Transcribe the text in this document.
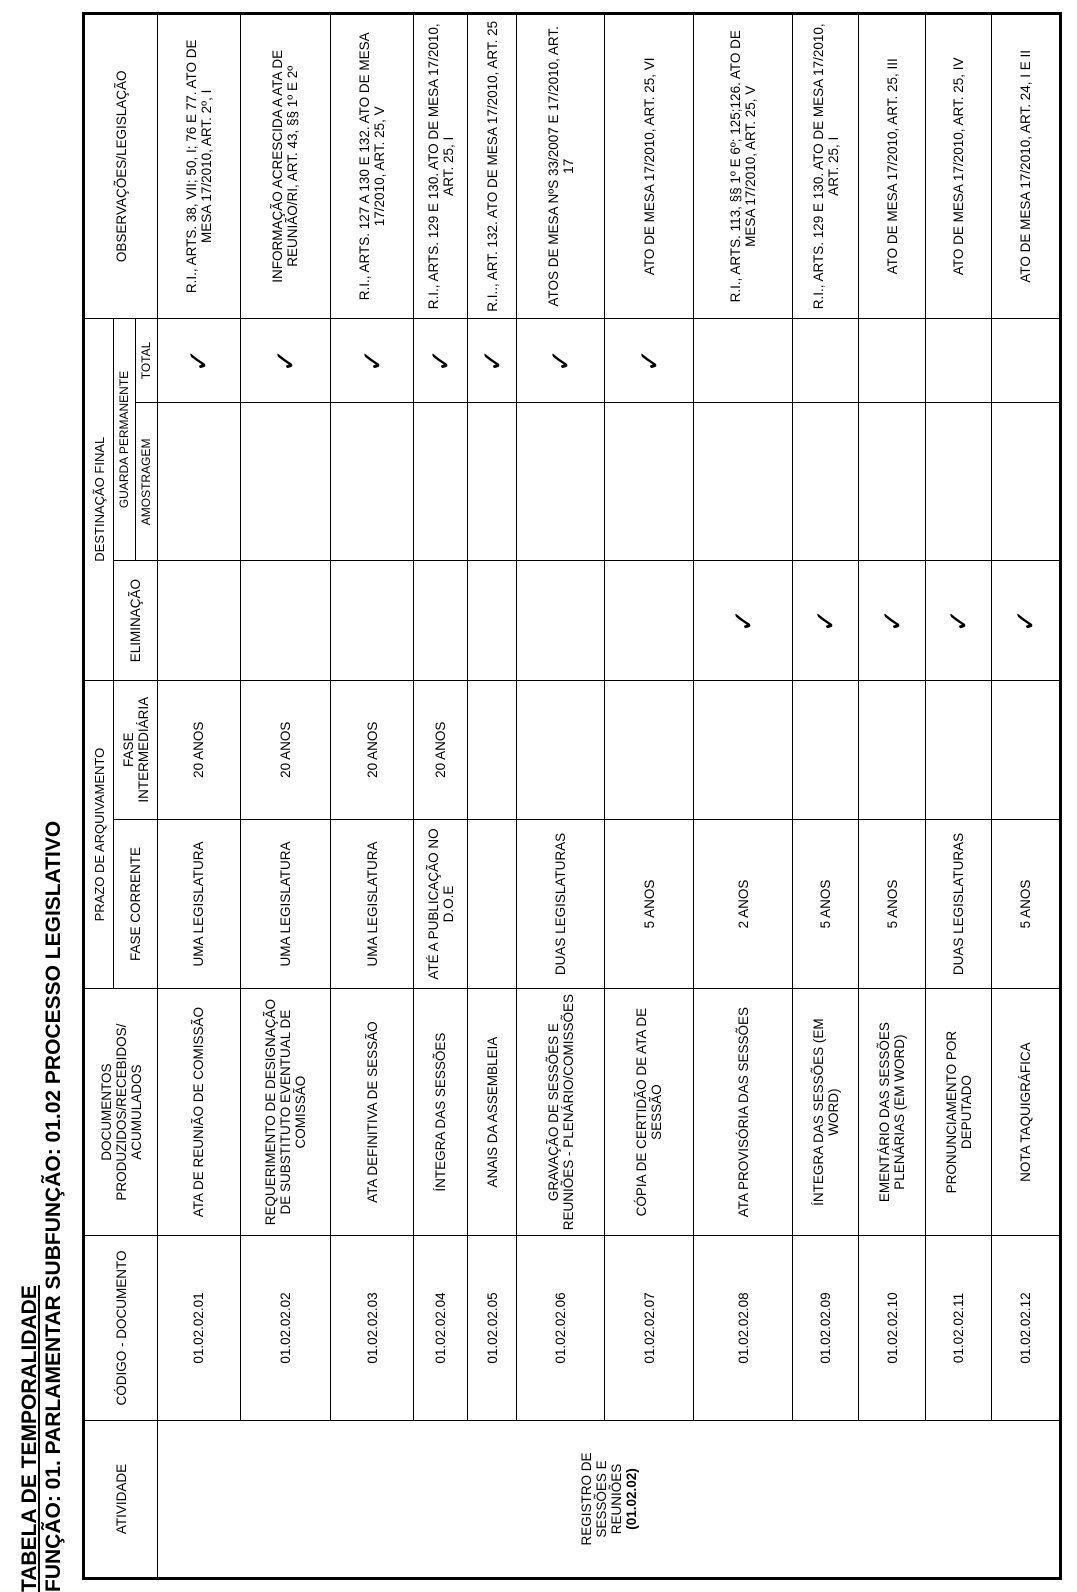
TABELA DE TEMPORALIDADE FUNÇÃO: 01. PARLAMENTAR SUBFUNÇÃO: 01.02 PROCESSO LEGISLATIVO	ATIVIDADE	CÓDIGO - DOCUMENTO	DOCUMENTOS PRODUZIDOS/RECEBIDOS/ ACUMULADOS	PRAZO DE ARQUIVAMENTO		DESTINAÇÃO FINAL			OBSERVAÇÕES/LEGISLAÇÃO
			FASE CORRENTE	FASE INTERMEDIÁRIA	ELIMINAÇÃO	GUARDA PERMANENTE		
						AMOSTRAGEM	TOTAL	

REGISTRO DE SESSÕES E REUNIÕES (01.02.02)	01.02.02.01	ATA DE REUNIÃO DE COMISSÃO	UMA LEGISLATURA	20 ANOS			✓	R.I., ARTS. 38, VII; 50, I; 76 E 77. ATO DE MESA 17/2010, ART. 2º, I
	01.02.02.02	REQUERIMENTO DE DESIGNAÇÃO DE SUBSTITUTO EVENTUAL DE COMISSÃO	UMA LEGISLATURA	20 ANOS			✓	INFORMAÇÃO ACRESCIDA A ATA DE REUNIÃO/RI, ART. 43, §§ 1º E 2º
	01.02.02.03	ATA DEFINITIVA DE SESSÃO	UMA LEGISLATURA	20 ANOS			✓	R.I., ARTS. 127 A 130 E 132. ATO DE MESA 17/2010, ART. 25, V
	01.02.02.04	ÍNTEGRA DAS SESSÕES	ATÉ A PUBLICAÇÃO NO D.O.E	20 ANOS			✓	R.I., ARTS. 129 E 130. ATO DE MESA 17/2010, ART. 25, I
	01.02.02.05	ANAIS DA ASSEMBLEIA					✓	R.I.., ART. 132. ATO DE MESA 17/2010, ART. 25
	01.02.02.06	GRAVAÇÃO DE SESSÕES E REUNIÕES - PLENÁRIO/COMISSÕES	DUAS LEGISLATURAS				✓	ATOS DE MESA NºS 33/2007 E 17/2010, ART. 17
	01.02.02.07	CÓPIA DE CERTIDÃO DE ATA DE SESSÃO	5 ANOS				✓	ATO DE MESA 17/2010, ART. 25, VI
	01.02.02.08	ATA PROVISÓRIA DAS SESSÕES	2 ANOS		✓			R.I., ARTS. 113, §§ 1º E 6º; 125;126. ATO DE MESA 17/2010, ART. 25, V
	01.02.02.09	ÍNTEGRA DAS SESSÕES (EM WORD)	5 ANOS		✓			R.I., ARTS. 129 E 130. ATO DE MESA 17/2010, ART. 25, I
	01.02.02.10	EMENTÁRIO DAS SESSÕES PLENÁRIAS (EM WORD)	5 ANOS		✓			ATO DE MESA 17/2010, ART. 25, III
	01.02.02.11	PRONUNCIAMENTO POR DEPUTADO	DUAS LEGISLATURAS		✓			ATO DE MESA 17/2010, ART. 25, IV
	01.02.02.12	NOTA TAQUIGRÁFICA	5 ANOS		✓			ATO DE MESA 17/2010, ART. 24, I E II
